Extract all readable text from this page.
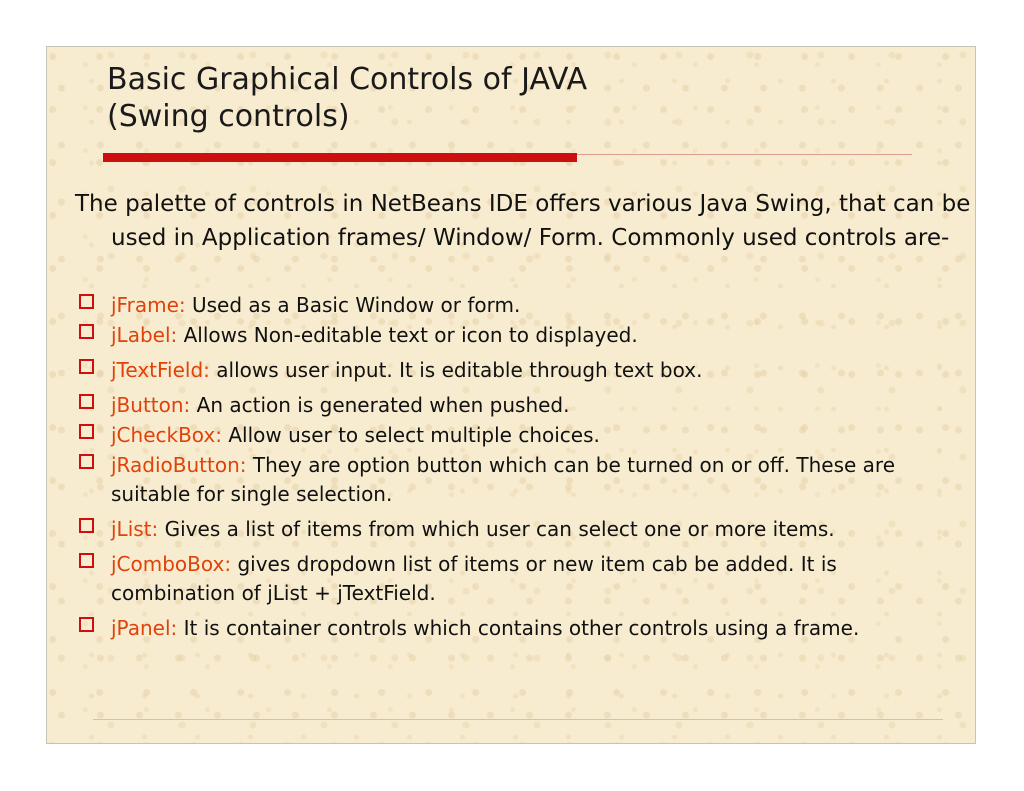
Basic Graphical Controls of JAVA
(Swing controls)

The palette of controls in NetBeans IDE offers various Java Swing, that can be used in Application frames/ Window/ Form. Commonly used controls are-

jFrame: Used as a Basic Window or form.
jLabel: Allows Non-editable text or icon to displayed.
jTextField: allows user input. It is editable through text box.
jButton: An action is generated when pushed.
jCheckBox: Allow user to select multiple choices.
jRadioButton: They are option button which can be turned on or off. These are suitable for single selection.
jList: Gives a list of items from which user can select one or more items.
jComboBox: gives dropdown list of items or new item cab be added. It is combination of jList + jTextField.
jPanel: It is container controls which contains other controls using a frame.
